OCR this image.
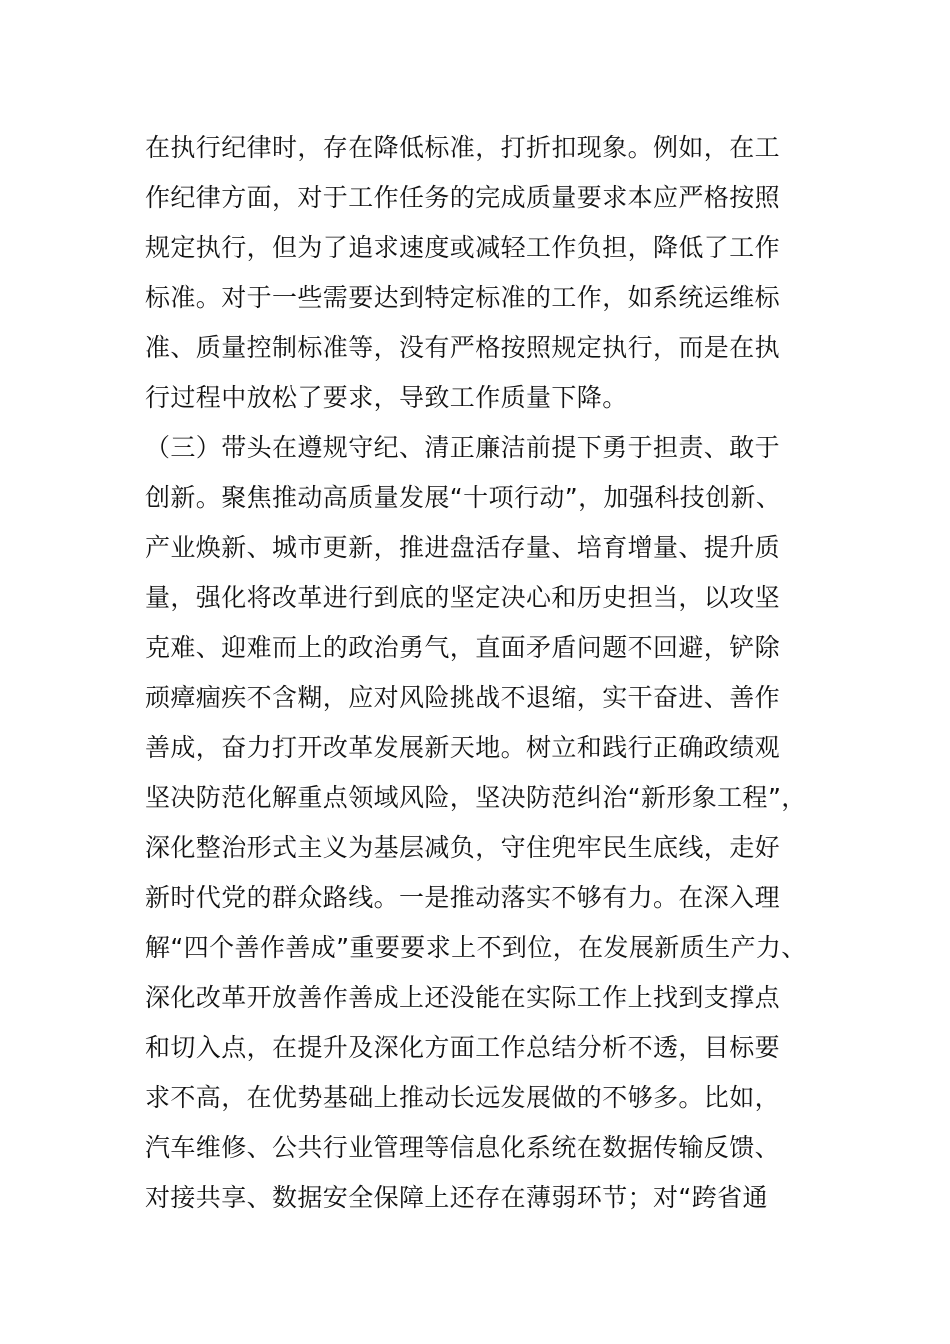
在执行纪律时，存在降低标准，打折扣现象。例如，在工
作纪律方面，对于工作任务的完成质量要求本应严格按照
规定执行，但为了追求速度或减轻工作负担，降低了工作
标准。对于一些需要达到特定标准的工作，如系统运维标
准、质量控制标准等，没有严格按照规定执行，而是在执
行过程中放松了要求，导致工作质量下降。
（三）带头在遵规守纪、清正廉洁前提下勇于担责、敢于
创新。聚焦推动高质量发展“十项行动”，加强科技创新、
产业焕新、城市更新，推进盘活存量、培育增量、提升质
量，强化将改革进行到底的坚定决心和历史担当，以攻坚
克难、迎难而上的政治勇气，直面矛盾问题不回避，铲除
顽瘴痼疾不含糊，应对风险挑战不退缩，实干奋进、善作
善成，奋力打开改革发展新天地。树立和践行正确政绩观
坚决防范化解重点领域风险，坚决防范纠治“新形象工程”，
深化整治形式主义为基层减负，守住兜牢民生底线，走好
新时代党的群众路线。一是推动落实不够有力。在深入理
解“四个善作善成”重要要求上不到位，在发展新质生产力、
深化改革开放善作善成上还没能在实际工作上找到支撑点
和切入点，在提升及深化方面工作总结分析不透，目标要
求不高，在优势基础上推动长远发展做的不够多。比如，
汽车维修、公共行业管理等信息化系统在数据传输反馈、
对接共享、数据安全保障上还存在薄弱环节；对“跨省通
